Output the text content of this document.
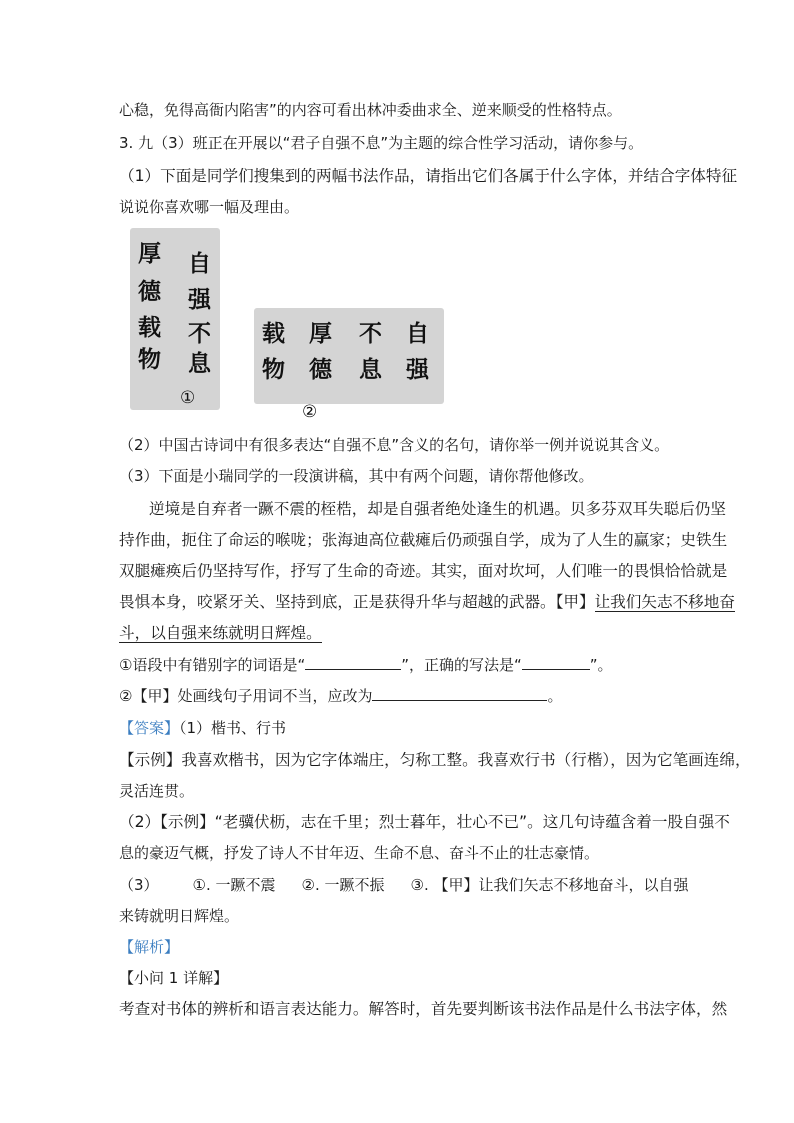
心稳，免得高衙内陷害”的内容可看出林冲委曲求全、逆来顺受的性格特点。
3. 九（3）班正在开展以“君子自强不息”为主题的综合性学习活动，请你参与。
（1）下面是同学们搜集到的两幅书法作品，请指出它们各属于什么字体，并结合字体特征
说说你喜欢哪一幅及理由。
厚
德
载
物
自
强
不
息
①
载 厚 不 自
物 德 息 强
②
（2）中国古诗词中有很多表达“自强不息”含义的名句，请你举一例并说说其含义。
（3）下面是小瑞同学的一段演讲稿，其中有两个问题，请你帮他修改。
逆境是自弃者一蹶不震的桎梏，却是自强者绝处逢生的机遇。贝多芬双耳失聪后仍坚
持作曲，扼住了命运的喉咙；张海迪高位截瘫后仍顽强自学，成为了人生的赢家；史铁生
双腿瘫痪后仍坚持写作，抒写了生命的奇迹。其实，面对坎坷，人们唯一的畏惧恰恰就是
畏惧本身，咬紧牙关、坚持到底，正是获得升华与超越的武器。【甲】让我们矢志不移地奋
斗，以自强来练就明日辉煌。
①语段中有错别字的词语是“	”，正确的写法是“	”。
②【甲】处画线句子用词不当，应改为	。
【答案】（1）楷书、行书
【示例】我喜欢楷书，因为它字体端庄，匀称工整。我喜欢行书（行楷），因为它笔画连绵，
灵活连贯。
（2）【示例】“老骥伏枥，志在千里；烈士暮年，壮心不已”。这几句诗蕴含着一股自强不
息的豪迈气概，抒发了诗人不甘年迈、生命不息、奋斗不止的壮志豪情。
（3） ①. 一蹶不震 ②. 一蹶不振 ③. 【甲】让我们矢志不移地奋斗，以自强
来铸就明日辉煌。
【解析】
【小问 1 详解】
考查对书体的辨析和语言表达能力。解答时，首先要判断该书法作品是什么书法字体，然
